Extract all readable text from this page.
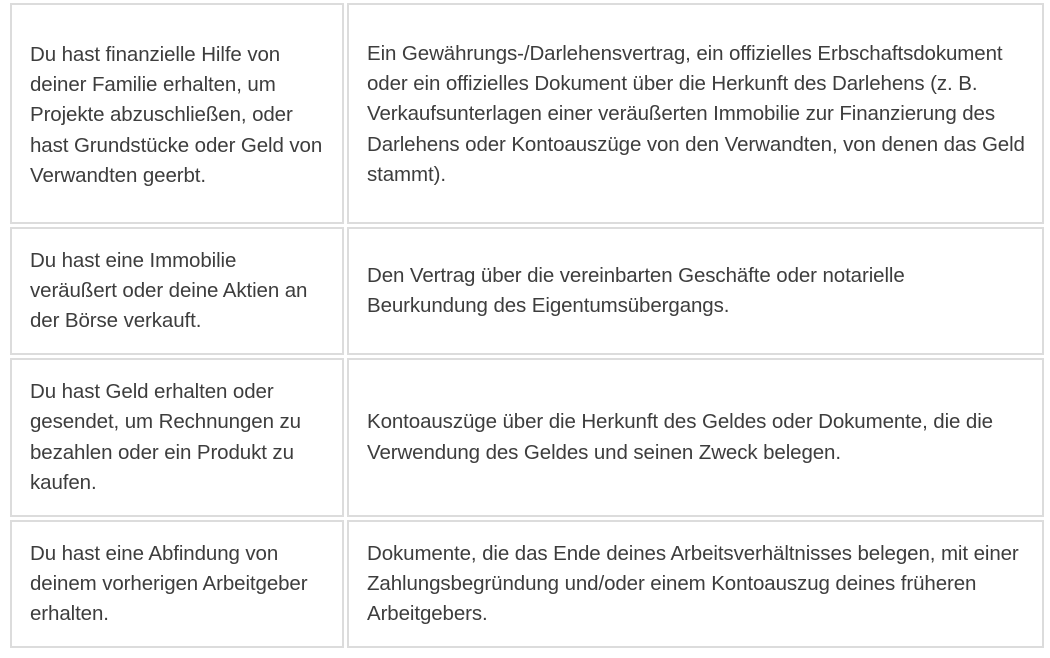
Du hast finanzielle Hilfe von deiner Familie erhalten, um Projekte abzuschließen, oder hast Grundstücke oder Geld von Verwandten geerbt.
Ein Gewährungs-/Darlehensvertrag, ein offizielles Erbschaftsdokument oder ein offizielles Dokument über die Herkunft des Darlehens (z. B. Verkaufsunterlagen einer veräußerten Immobilie zur Finanzierung des Darlehens oder Kontoauszüge von den Verwandten, von denen das Geld stammt).
Du hast eine Immobilie veräußert oder deine Aktien an der Börse verkauft.
Den Vertrag über die vereinbarten Geschäfte oder notarielle Beurkundung des Eigentumsübergangs.
Du hast Geld erhalten oder gesendet, um Rechnungen zu bezahlen oder ein Produkt zu kaufen.
Kontoauszüge über die Herkunft des Geldes oder Dokumente, die die Verwendung des Geldes und seinen Zweck belegen.
Du hast eine Abfindung von deinem vorherigen Arbeitgeber erhalten.
Dokumente, die das Ende deines Arbeitsverhältnisses belegen, mit einer Zahlungsbegründung und/oder einem Kontoauszug deines früheren Arbeitgebers.
